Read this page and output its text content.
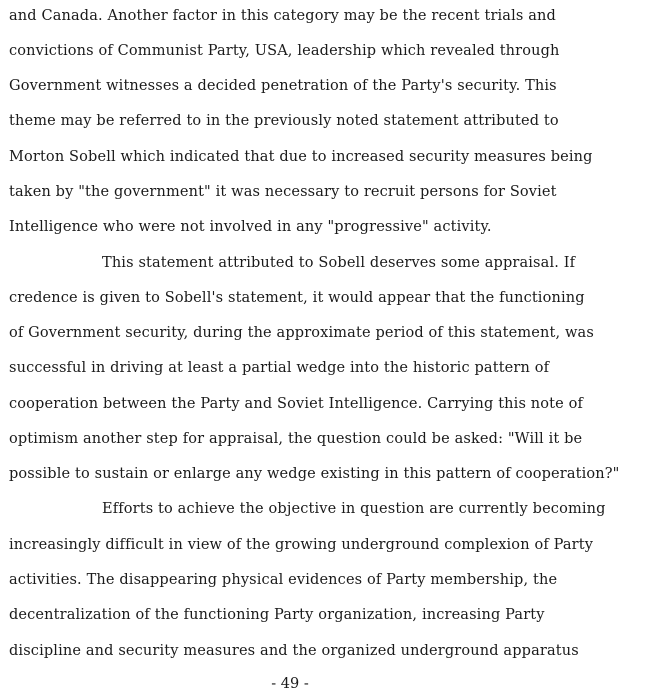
and Canada. Another factor in this category may be the recent trials and
convictions of Communist Party, USA, leadership which revealed through
Government witnesses a decided penetration of the Party's security. This
theme may be referred to in the previously noted statement attributed to
Morton Sobell which indicated that due to increased security measures being
taken by "the government" it was necessary to recruit persons for Soviet
Intelligence who were not involved in any "progressive" activity.
This statement attributed to Sobell deserves some appraisal. If
credence is given to Sobell's statement, it would appear that the functioning
of Government security, during the approximate period of this statement, was
successful in driving at least a partial wedge into the historic pattern of
cooperation between the Party and Soviet Intelligence. Carrying this note of
optimism another step for appraisal, the question could be asked: "Will it be
possible to sustain or enlarge any wedge existing in this pattern of cooperation?"
Efforts to achieve the objective in question are currently becoming
increasingly difficult in view of the growing underground complexion of Party
activities. The disappearing physical evidences of Party membership, the
decentralization of the functioning Party organization, increasing Party
discipline and security measures and the organized underground apparatus
- 49 -
